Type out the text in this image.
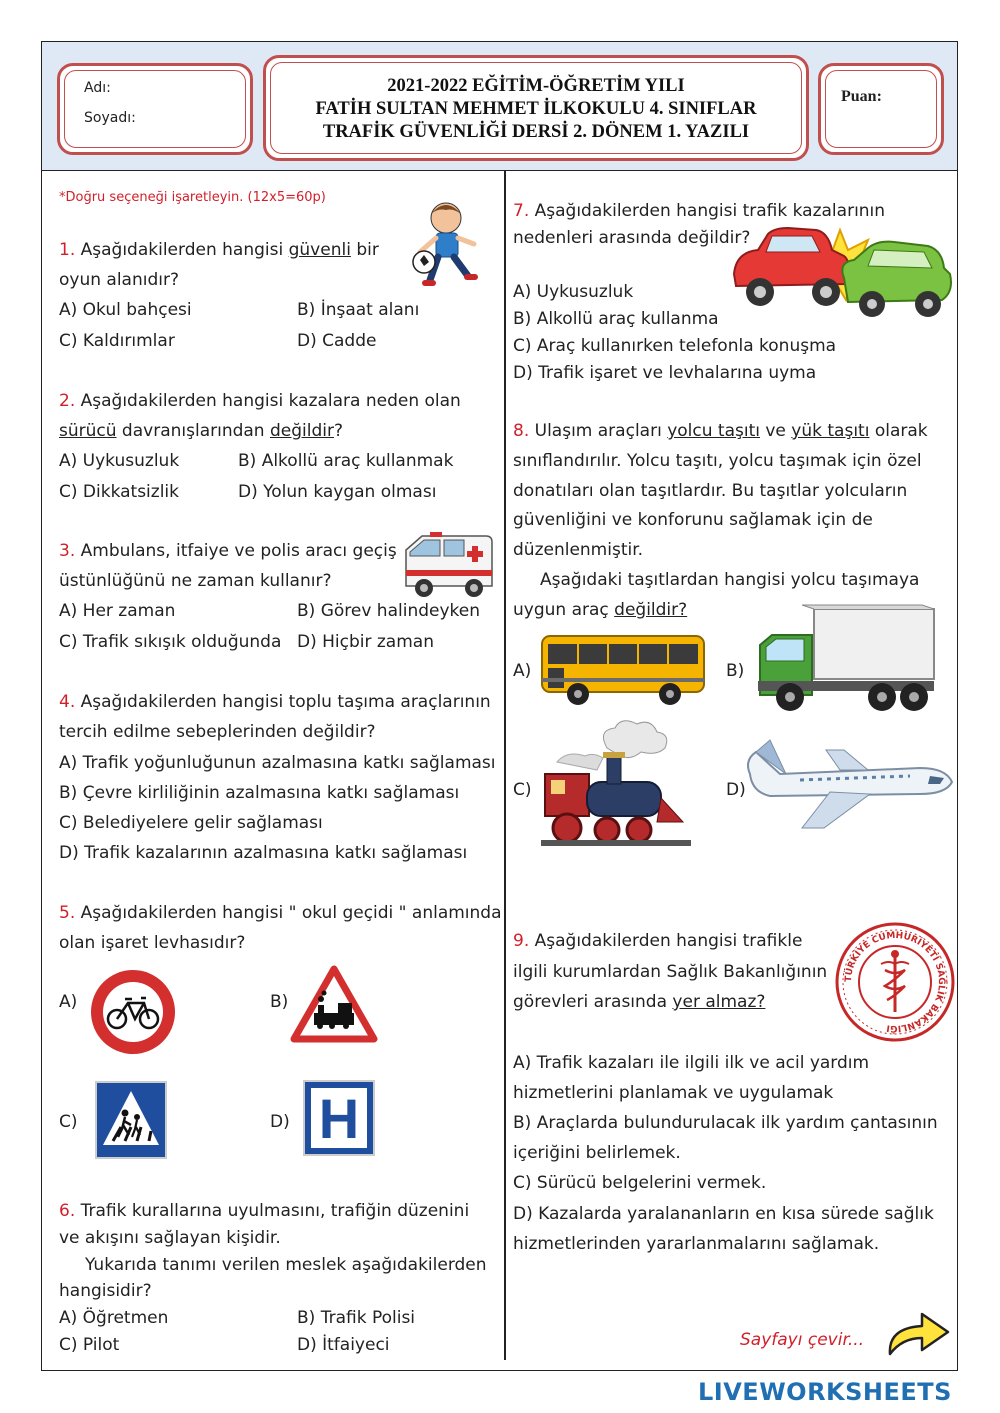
Adı:
Soyadı:
2021-2022 EĞİTİM-ÖĞRETİM YILI
FATİH SULTAN MEHMET İLKOKULU 4. SINIFLAR
TRAFİK GÜVENLİĞİ DERSİ 2. DÖNEM 1. YAZILI
Puan:
*Doğru seçeneği işaretleyin. (12x5=60p)
1. Aşağıdakilerden hangisi güvenli bir
oyun alanıdır?
A) Okul bahçesi	B) İnşaat alanı
C) Kaldırımlar	D) Cadde
2. Aşağıdakilerden hangisi kazalara neden olan
sürücü davranışlarından değildir?
A) Uykusuzluk	B) Alkollü araç kullanmak
C) Dikkatsizlik	D) Yolun kaygan olması
3. Ambulans, itfaiye ve polis aracı geçiş
üstünlüğünü ne zaman kullanır?
A) Her zaman	B) Görev halindeyken
C) Trafik sıkışık olduğunda D) Hiçbir zaman
4. Aşağıdakilerden hangisi toplu taşıma araçlarının
tercih edilme sebeplerinden değildir?
A) Trafik yoğunluğunun azalmasına katkı sağlaması
B) Çevre kirliliğinin azalmasına katkı sağlaması
C) Belediyelere gelir sağlaması
D) Trafik kazalarının azalmasına katkı sağlaması
5. Aşağıdakilerden hangisi " okul geçidi " anlamında
olan işaret levhasıdır?
A)	B)
C)	D) H
6. Trafik kurallarına uyulmasını, trafiğin düzenini
ve akışını sağlayan kişidir.
Yukarıda tanımı verilen meslek aşağıdakilerden
hangisidir?
A) Öğretmen	B) Trafik Polisi
C) Pilot	D) İtfaiyeci
7. Aşağıdakilerden hangisi trafik kazalarının
nedenleri arasında değildir?
A) Uykusuzluk
B) Alkollü araç kullanma
C) Araç kullanırken telefonla konuşma
D) Trafik işaret ve levhalarına uyma
8. Ulaşım araçları yolcu taşıtı ve yük taşıtı olarak
sınıflandırılır. Yolcu taşıtı, yolcu taşımak için özel
donatıları olan taşıtlardır. Bu taşıtlar yolcuların
güvenliğini ve konforunu sağlamak için de
düzenlenmiştir.
Aşağıdaki taşıtlardan hangisi yolcu taşımaya
uygun araç değildir?
A)	B)
C)	D)
9. Aşağıdakilerden hangisi trafikle
ilgili kurumlardan Sağlık Bakanlığının
görevleri arasında yer almaz?
TÜRKİYE CUMHURİYETİ SAĞLIK BAKANLIĞI
A) Trafik kazaları ile ilgili ilk ve acil yardım
hizmetlerini planlamak ve uygulamak
B) Araçlarda bulundurulacak ilk yardım çantasının
içeriğini belirlemek.
C) Sürücü belgelerini vermek.
D) Kazalarda yaralananların en kısa sürede sağlık
hizmetlerinden yararlanmalarını sağlamak.
Sayfayı çevir...
LIVEWORKSHEETS
